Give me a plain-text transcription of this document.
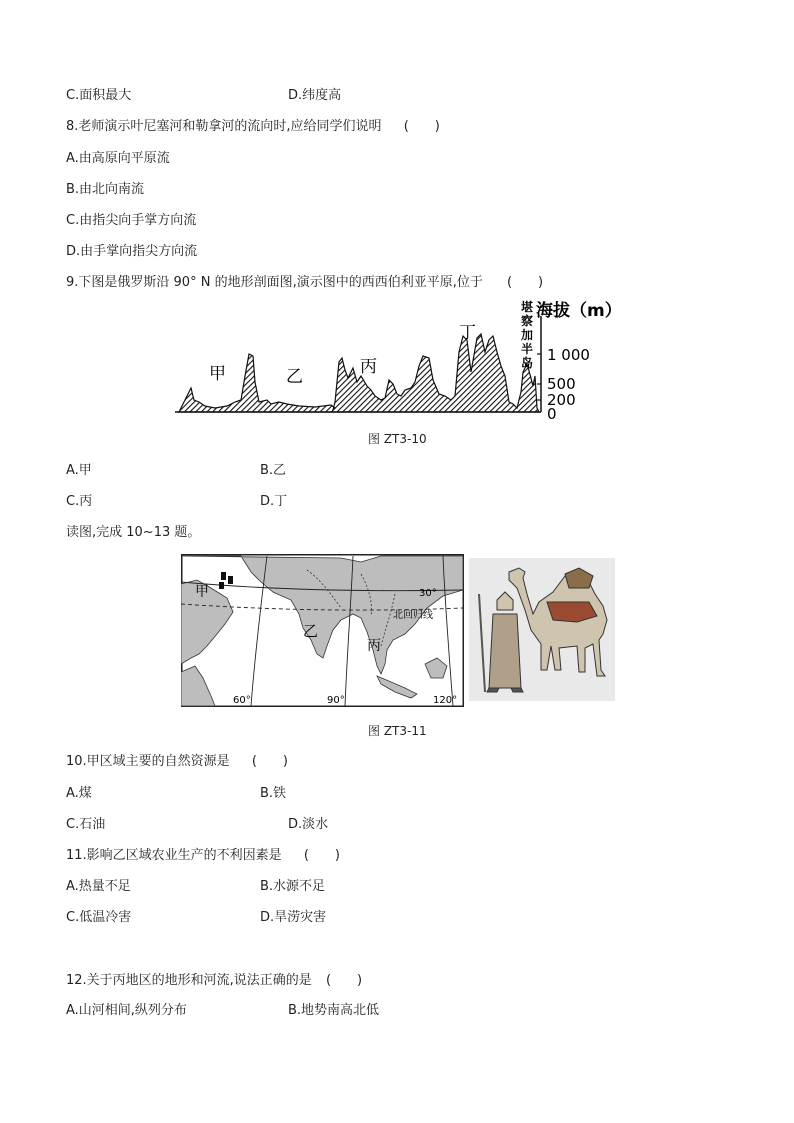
C.面积最大	D.纬度高
8.老师演示叶尼塞河和勒拿河的流向时,应给同学们说明 (　　)
A.由高原向平原流
B.由北向南流
C.由指尖向手掌方向流
D.由手掌向指尖方向流
9.下图是俄罗斯沿 90° N 的地形剖面图,演示图中的西西伯利亚平原,位于 (　　)
甲	乙	丙
丁
堪
察
加
半
岛
海拔（m）
1 000
500
200
0
图 ZT3-10
A.甲	B.乙
C.丙	D.丁
读图,完成 10~13 题。
甲
乙
丙
北回归线
30°
60°	90°	120°
图 ZT3-11
10.甲区域主要的自然资源是 (　　)
A.煤	B.铁
C.石油	D.淡水
11.影响乙区域农业生产的不利因素是 (　　)
A.热量不足	B.水源不足
C.低温冷害	D.旱涝灾害
12.关于丙地区的地形和河流,说法正确的是 (　　)
A.山河相间,纵列分布	B.地势南高北低
